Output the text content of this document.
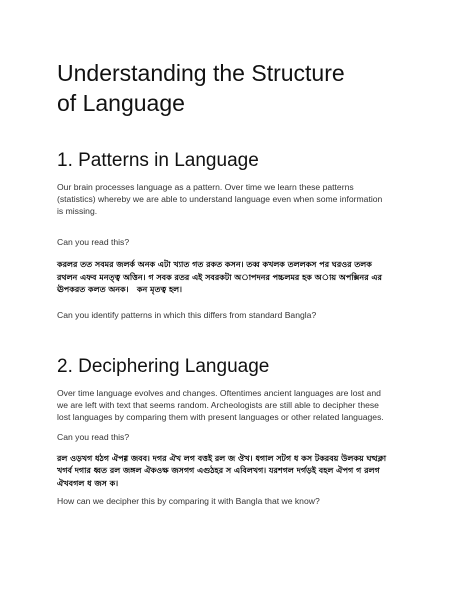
Understanding the Structure of Language
1. Patterns in Language

Our brain processes language as a pattern. Over time we learn these patterns (statistics) whereby we are able to understand language even when some information is missing.

Can you read this?

করলর তত সবমর জলর্ক অনক এটা খ্যাত গত রকত কসন। তব্ব কখলক তললকস পর ঘরওর তলক রথলন এফব মনত্ত্ব অত্তিন। গ সবক রতর এই সবরকটা অাপদনর পচ্চলমর হক অায় অপক্সিনর এর ঊপকরত কলত অনক।   কন মৃতত্ব হল।

Can you identify patterns in which this differs from standard Bangla?

2. Deciphering Language

Over time language evolves and changes. Oftentimes ancient languages are lost and we are left with text that seems random. Archeologists are still able to decipher these lost languages by comparing them with present languages or other related languages.

Can you read this?

রল ওড়খগ ধঠগ ঐপগ্গ জবব। দগর ঐখ লগ বত্তই রল জ ঔখ। ধগাল সটগ ধ কস টকরবয় উলকয় ঘত্থক্লা খগর্ব দগার ধ্বত রল জঙ্গল ঐকওক্ষ জসগগ এগুঠহর স এবিলখগ। যরশগল দর্গড়ই বহল ঐপগ গ রলগ ঐখবগল ধ জস ক।

How can we decipher this by comparing it with Bangla that we know?
